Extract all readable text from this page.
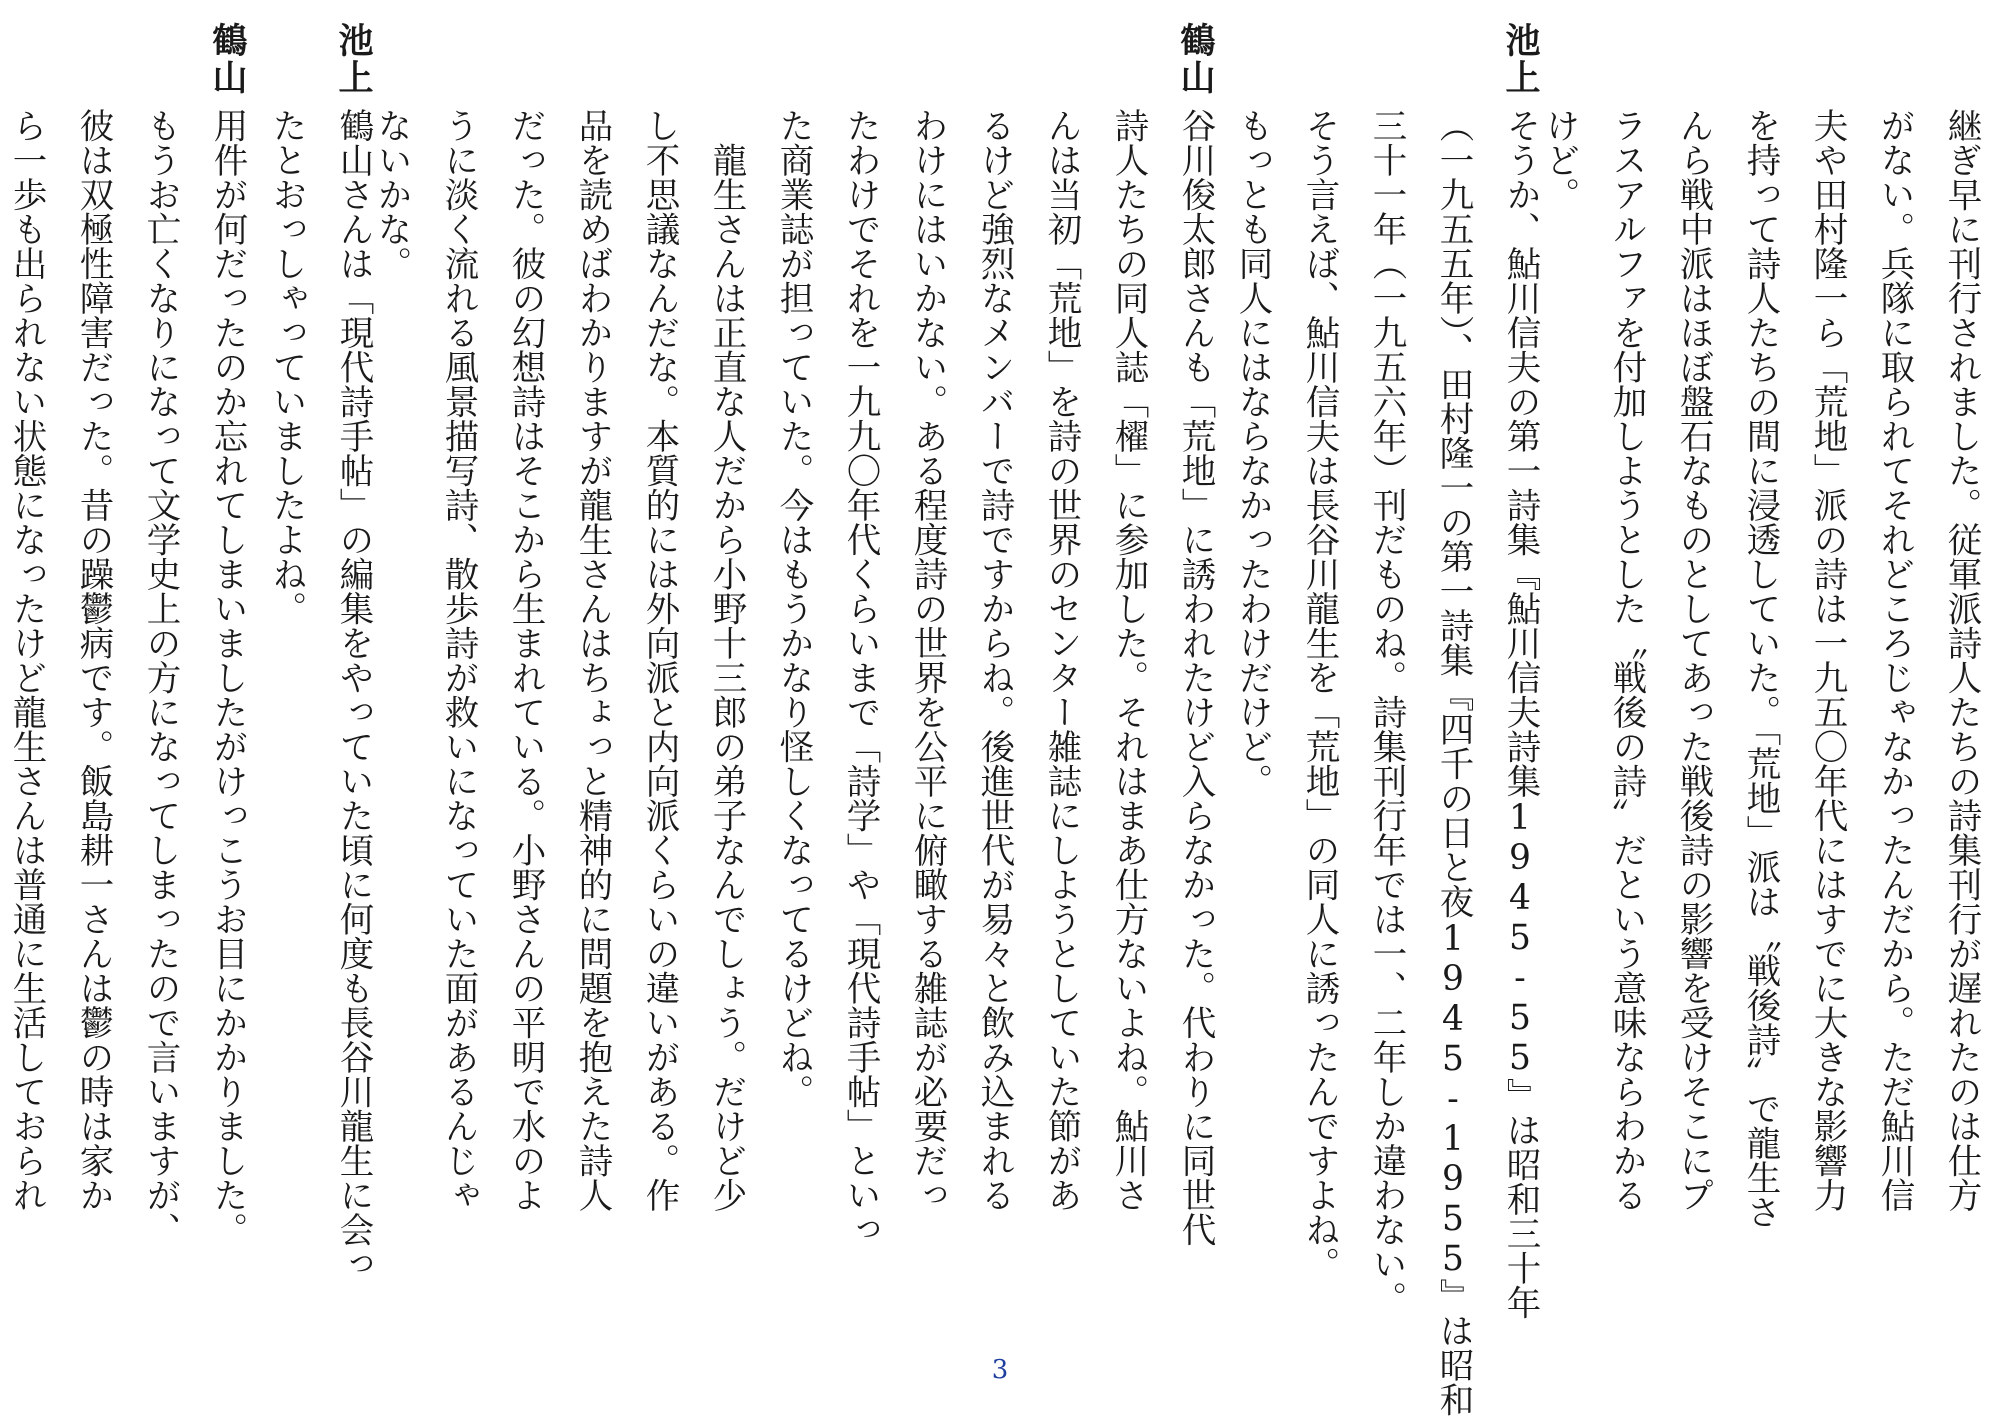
池上
鶴山
池上
鶴山
継ぎ早に刊行されました。従軍派詩人たちの詩集刊行が遅れたのは仕方
がない。兵隊に取られてそれどころじゃなかったんだから。ただ鮎川信
夫や田村隆一ら「荒地」派の詩は一九五〇年代にはすでに大きな影響力
を持って詩人たちの間に浸透していた。「荒地」派は〝戦後詩〟で龍生さ
んら戦中派はほぼ盤石なものとしてあった戦後詩の影響を受けそこにプ
ラスアルファを付加しようとした〝戦後の詩〟だという意味ならわかる
けど。
そうか、鮎川信夫の第一詩集『鮎川信夫詩集1945-55』は昭和三十年
（一九五五年）、田村隆一の第一詩集『四千の日と夜1945-1955』は昭和
三十一年（一九五六年）刊だものね。詩集刊行年では一、二年しか違わない。
そう言えば、鮎川信夫は長谷川龍生を「荒地」の同人に誘ったんですよね。
もっとも同人にはならなかったわけだけど。
谷川俊太郎さんも「荒地」に誘われたけど入らなかった。代わりに同世代
詩人たちの同人誌「櫂」に参加した。それはまあ仕方ないよね。鮎川さ
んは当初「荒地」を詩の世界のセンター雑誌にしようとしていた節があ
るけど強烈なメンバーで詩ですからね。後進世代が易々と飲み込まれる
わけにはいかない。ある程度詩の世界を公平に俯瞰する雑誌が必要だっ
たわけでそれを一九九〇年代くらいまで「詩学」や「現代詩手帖」といっ
た商業誌が担っていた。今はもうかなり怪しくなってるけどね。
　龍生さんは正直な人だから小野十三郎の弟子なんでしょう。だけど少
し不思議なんだな。本質的には外向派と内向派くらいの違いがある。作
品を読めばわかりますが龍生さんはちょっと精神的に問題を抱えた詩人
だった。彼の幻想詩はそこから生まれている。小野さんの平明で水のよ
うに淡く流れる風景描写詩、散歩詩が救いになっていた面があるんじゃ
ないかな。
鶴山さんは「現代詩手帖」の編集をやっていた頃に何度も長谷川龍生に会っ
たとおっしゃっていましたよね。
用件が何だったのか忘れてしまいましたがけっこうお目にかかりました。
もうお亡くなりになって文学史上の方になってしまったので言いますが、
彼は双極性障害だった。昔の躁鬱病です。飯島耕一さんは鬱の時は家か
ら一歩も出られない状態になったけど龍生さんは普通に生活しておられ
3
